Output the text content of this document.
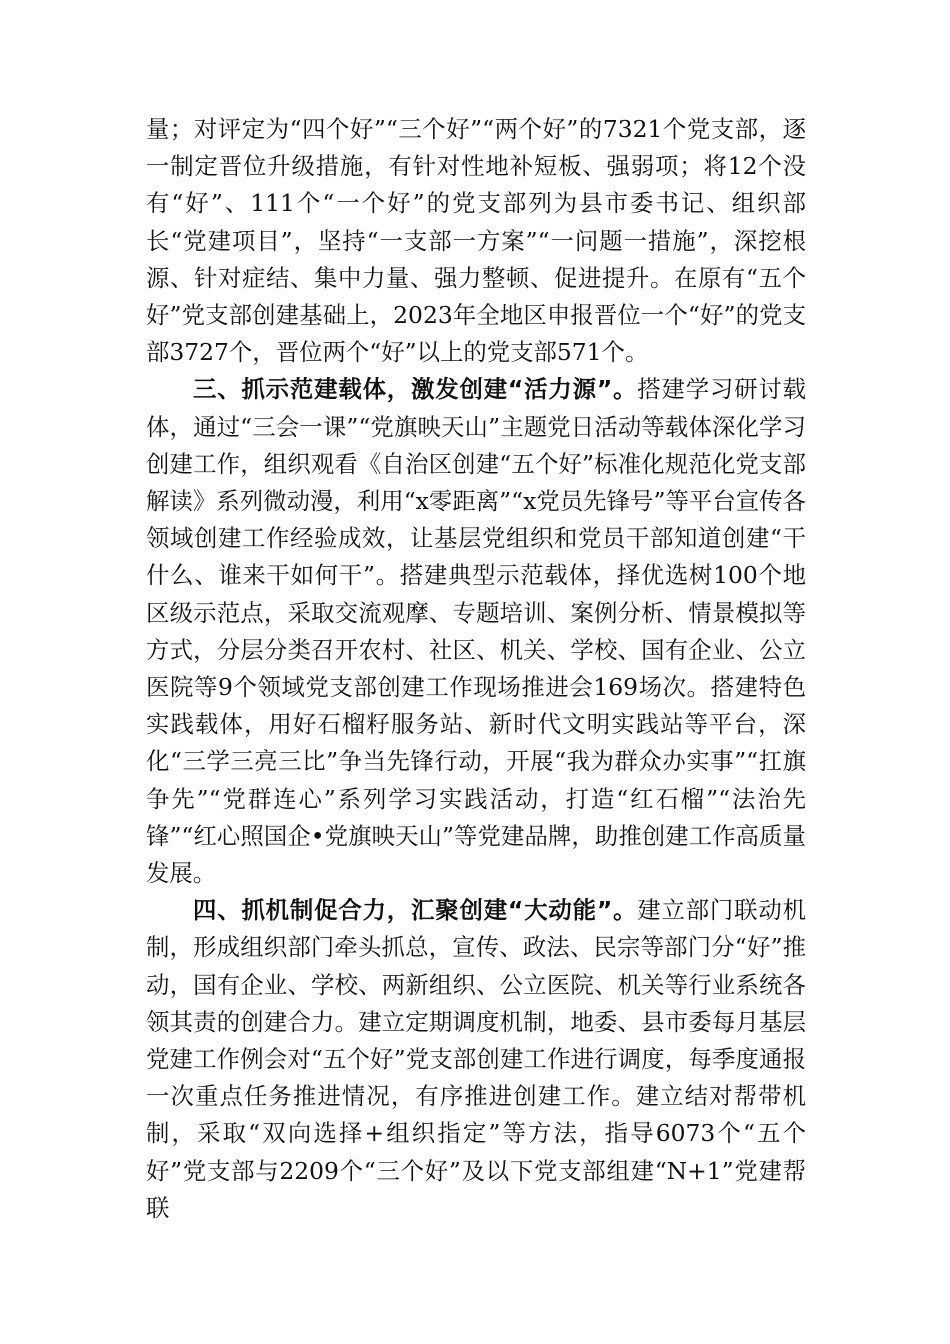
量；对评定为“四个好”“三个好”“两个好”的7321个党支部，逐一制定晋位升级措施，有针对性地补短板、强弱项；将12个没有“好”、111个“一个好”的党支部列为县市委书记、组织部长“党建项目”，坚持“一支部一方案”“一问题一措施”，深挖根源、针对症结、集中力量、强力整顿、促进提升。在原有“五个好”党支部创建基础上，2023年全地区申报晋位一个“好”的党支部3727个，晋位两个“好”以上的党支部571个。

三、抓示范建载体，激发创建“活力源”。搭建学习研讨载体，通过“三会一课”“党旗映天山”主题党日活动等载体深化学习创建工作，组织观看《自治区创建“五个好”标准化规范化党支部解读》系列微动漫，利用“x零距离”“x党员先锋号”等平台宣传各领域创建工作经验成效，让基层党组织和党员干部知道创建“干什么、谁来干如何干”。搭建典型示范载体，择优选树100个地区级示范点，采取交流观摩、专题培训、案例分析、情景模拟等方式，分层分类召开农村、社区、机关、学校、国有企业、公立医院等9个领域党支部创建工作现场推进会169场次。搭建特色实践载体，用好石榴籽服务站、新时代文明实践站等平台，深化“三学三亮三比”争当先锋行动，开展“我为群众办实事”“扛旗争先”“党群连心”系列学习实践活动，打造“红石榴”“法治先锋”“红心照国企•党旗映天山”等党建品牌，助推创建工作高质量发展。

四、抓机制促合力，汇聚创建“大动能”。建立部门联动机制，形成组织部门牵头抓总，宣传、政法、民宗等部门分“好”推动，国有企业、学校、两新组织、公立医院、机关等行业系统各领其责的创建合力。建立定期调度机制，地委、县市委每月基层党建工作例会对“五个好”党支部创建工作进行调度，每季度通报一次重点任务推进情况，有序推进创建工作。建立结对帮带机制，采取“双向选择+组织指定”等方法，指导6073个“五个好”党支部与2209个“三个好”及以下党支部组建“N+1”党建帮联
